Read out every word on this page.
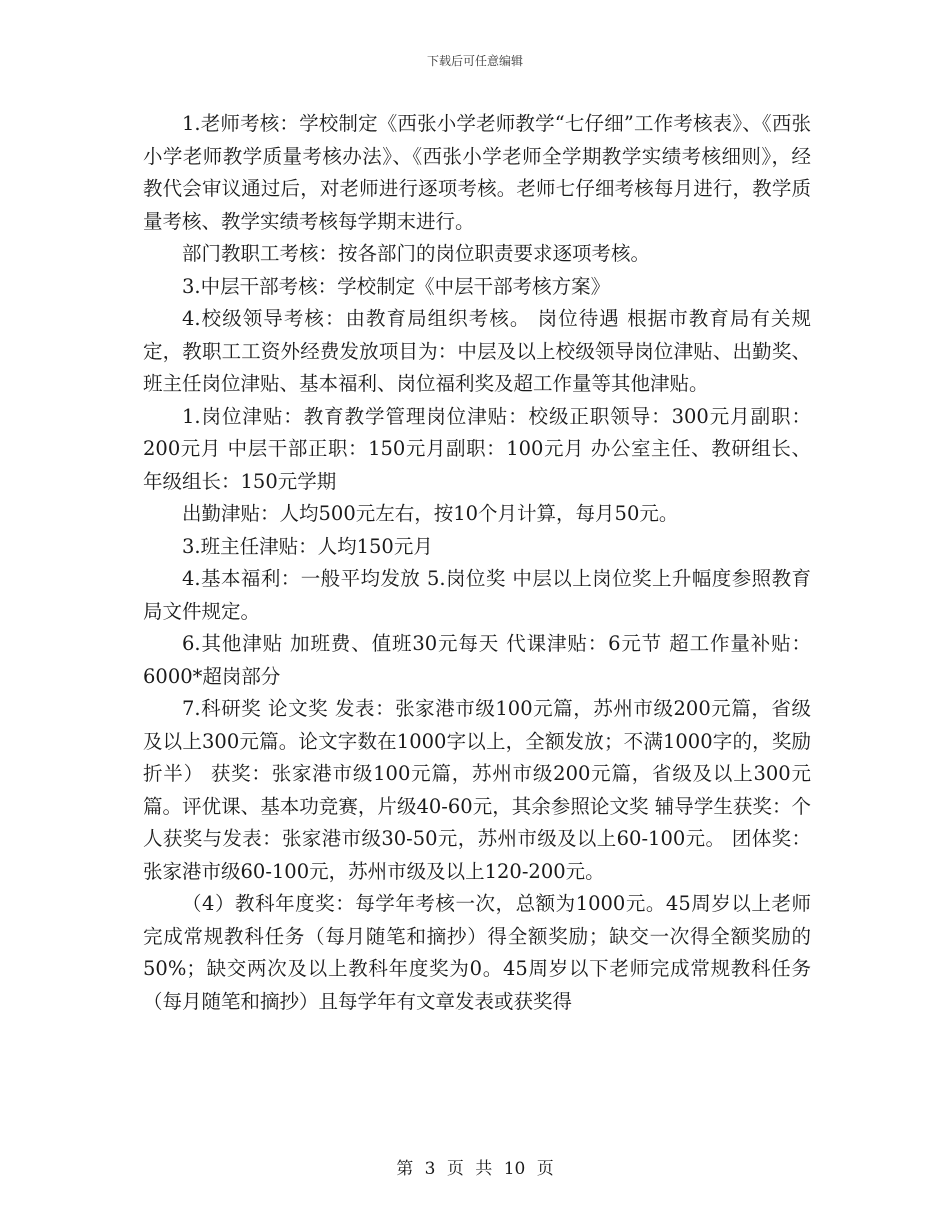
下载后可任意编辑

1.老师考核：学校制定《西张小学老师教学“七仔细”工作考核表》、《西张小学老师教学质量考核办法》、《西张小学老师全学期教学实绩考核细则》，经教代会审议通过后，对老师进行逐项考核。老师七仔细考核每月进行，教学质量考核、教学实绩考核每学期末进行。

部门教职工考核：按各部门的岗位职责要求逐项考核。

3.中层干部考核：学校制定《中层干部考核方案》

4.校级领导考核：由教育局组织考核。 岗位待遇 根据市教育局有关规定，教职工工资外经费发放项目为：中层及以上校级领导岗位津贴、出勤奖、班主任岗位津贴、基本福利、岗位福利奖及超工作量等其他津贴。

1.岗位津贴：教育教学管理岗位津贴：校级正职领导：300元月副职：200元月 中层干部正职：150元月副职：100元月 办公室主任、教研组长、年级组长：150元学期

出勤津贴：人均500元左右，按10个月计算，每月50元。

3.班主任津贴：人均150元月

4.基本福利：一般平均发放 5.岗位奖 中层以上岗位奖上升幅度参照教育局文件规定。

6.其他津贴 加班费、值班30元每天 代课津贴：6元节 超工作量补贴：6000*超岗部分

7.科研奖 论文奖 发表：张家港市级100元篇，苏州市级200元篇，省级及以上300元篇。论文字数在1000字以上，全额发放；不满1000字的，奖励折半） 获奖：张家港市级100元篇，苏州市级200元篇，省级及以上300元篇。评优课、基本功竞赛，片级40-60元，其余参照论文奖 辅导学生获奖：个人获奖与发表：张家港市级30-50元，苏州市级及以上60-100元。 团体奖：张家港市级60-100元，苏州市级及以上120-200元。

（4）教科年度奖：每学年考核一次，总额为1000元。45周岁以上老师完成常规教科任务（每月随笔和摘抄）得全额奖励；缺交一次得全额奖励的50%；缺交两次及以上教科年度奖为0。45周岁以下老师完成常规教科任务（每月随笔和摘抄）且每学年有文章发表或获奖得

第 3 页 共 10 页
